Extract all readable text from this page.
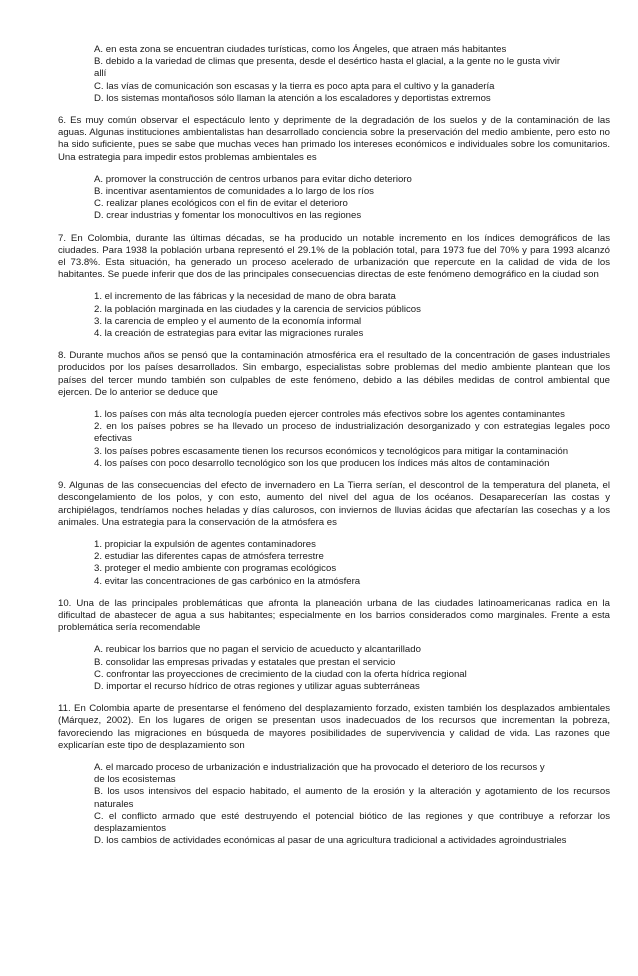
A. en esta zona se encuentran ciudades turísticas, como los Ángeles, que atraen más habitantes
B. debido a la variedad de climas que presenta, desde el desértico hasta el glacial, a la gente no le gusta vivir allí
C. las vías de comunicación son escasas y la tierra es poco apta para el cultivo y la ganadería
D. los sistemas montañosos sólo llaman la atención a los escaladores y deportistas extremos
6. Es muy común observar el espectáculo lento y deprimente de la degradación de los suelos y de la contaminación de las aguas. Algunas instituciones ambientalistas han desarrollado conciencia sobre la preservación del medio ambiente, pero esto no ha sido suficiente, pues se sabe que muchas veces han primado los intereses económicos e individuales sobre los comunitarios. Una estrategia para impedir estos problemas ambientales es
A. promover la construcción de centros urbanos para evitar dicho deterioro
B. incentivar asentamientos de comunidades a lo largo de los ríos
C. realizar planes ecológicos con el fin de evitar el deterioro
D. crear industrias y fomentar los monocultivos en las regiones
7. En Colombia, durante las últimas décadas, se ha producido un notable incremento en los índices demográficos de las ciudades. Para 1938 la población urbana representó el 29.1% de la población total, para 1973 fue del 70% y para 1993 alcanzó el 73.8%. Esta situación, ha generado un proceso acelerado de urbanización que repercute en la calidad de vida de los habitantes. Se puede inferir que dos de las principales consecuencias directas de este fenómeno demográfico en la ciudad son
1. el incremento de las fábricas y la necesidad de mano de obra barata
2. la población marginada en las ciudades y la carencia de servicios públicos
3. la carencia de empleo y el aumento de la economía informal
4. la creación de estrategias para evitar las migraciones rurales
8. Durante muchos años se pensó que la contaminación atmosférica era el resultado de la concentración de gases industriales producidos por los países desarrollados. Sin embargo, especialistas sobre problemas del medio ambiente plantean que los países del tercer mundo también son culpables de este fenómeno, debido a las débiles medidas de control ambiental que ejercen. De lo anterior se deduce que
1. los países con más alta tecnología pueden ejercer controles más efectivos sobre los agentes contaminantes
2. en los países pobres se ha llevado un proceso de industrialización desorganizado y con estrategias legales poco efectivas
3. los países pobres escasamente tienen los recursos económicos y tecnológicos para mitigar la contaminación
4. los países con poco desarrollo tecnológico son los que producen los índices más altos de contaminación
9. Algunas de las consecuencias del efecto de invernadero en La Tierra serían, el descontrol de la temperatura del planeta, el descongelamiento de los polos, y con esto, aumento del nivel del agua de los océanos. Desaparecerían las costas y archipiélagos, tendríamos noches heladas y días calurosos, con inviernos de lluvias ácidas que afectarían las cosechas y a los animales. Una estrategia para la conservación de la atmósfera es
1. propiciar la expulsión de agentes contaminadores
2. estudiar las diferentes capas de atmósfera terrestre
3. proteger el medio ambiente con programas ecológicos
4. evitar las concentraciones de gas carbónico en la atmósfera
10. Una de las principales problemáticas que afronta la planeación urbana de las ciudades latinoamericanas radica en la dificultad de abastecer de agua a sus habitantes; especialmente en los barrios considerados como marginales. Frente a esta problemática sería recomendable
A. reubicar los barrios que no pagan el servicio de acueducto y alcantarillado
B. consolidar las empresas privadas y estatales que prestan el servicio
C. confrontar las proyecciones de crecimiento de la ciudad con la oferta hídrica regional
D. importar el recurso hídrico de otras regiones y utilizar aguas subterráneas
11. En Colombia aparte de presentarse el fenómeno del desplazamiento forzado, existen también los desplazados ambientales (Márquez, 2002). En los lugares de origen se presentan usos inadecuados de los recursos que incrementan la pobreza, favoreciendo las migraciones en búsqueda de mayores posibilidades de supervivencia y calidad de vida. Las razones que explicarían este tipo de desplazamiento son
A. el marcado proceso de urbanización e industrialización que ha provocado el deterioro de los recursos y de los ecosistemas
B. los usos intensivos del espacio habitado, el aumento de la erosión y la alteración y agotamiento de los recursos naturales
C. el conflicto armado que esté destruyendo el potencial biótico de las regiones y que contribuye a reforzar los desplazamientos
D. los cambios de actividades económicas al pasar de una agricultura tradicional a actividades agroindustriales
